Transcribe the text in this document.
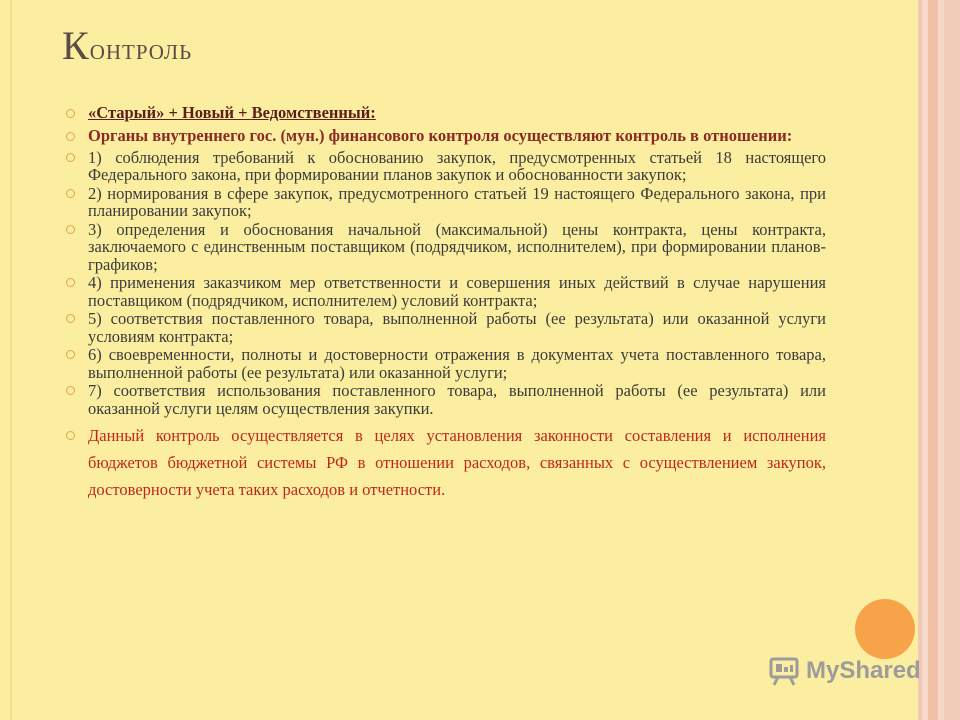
Контроль
«Старый» + Новый + Ведомственный:
Органы внутреннего гос. (мун.) финансового контроля осуществляют контроль в отношении:
1) соблюдения требований к обоснованию закупок, предусмотренных статьей 18 настоящего Федерального закона, при формировании планов закупок и обоснованности закупок;
2) нормирования в сфере закупок, предусмотренного статьей 19 настоящего Федерального закона, при планировании закупок;
3) определения и обоснования начальной (максимальной) цены контракта, цены контракта, заключаемого с единственным поставщиком (подрядчиком, исполнителем), при формировании планов-графиков;
4) применения заказчиком мер ответственности и совершения иных действий в случае нарушения поставщиком (подрядчиком, исполнителем) условий контракта;
5) соответствия поставленного товара, выполненной работы (ее результата) или оказанной услуги условиям контракта;
6) своевременности, полноты и достоверности отражения в документах учета поставленного товара, выполненной работы (ее результата) или оказанной услуги;
7) соответствия использования поставленного товара, выполненной работы (ее результата) или оказанной услуги целям осуществления закупки.
Данный контроль осуществляется в целях установления законности составления и исполнения бюджетов бюджетной системы РФ в отношении расходов, связанных с осуществлением закупок, достоверности учета таких расходов и отчетности.
MyShared
